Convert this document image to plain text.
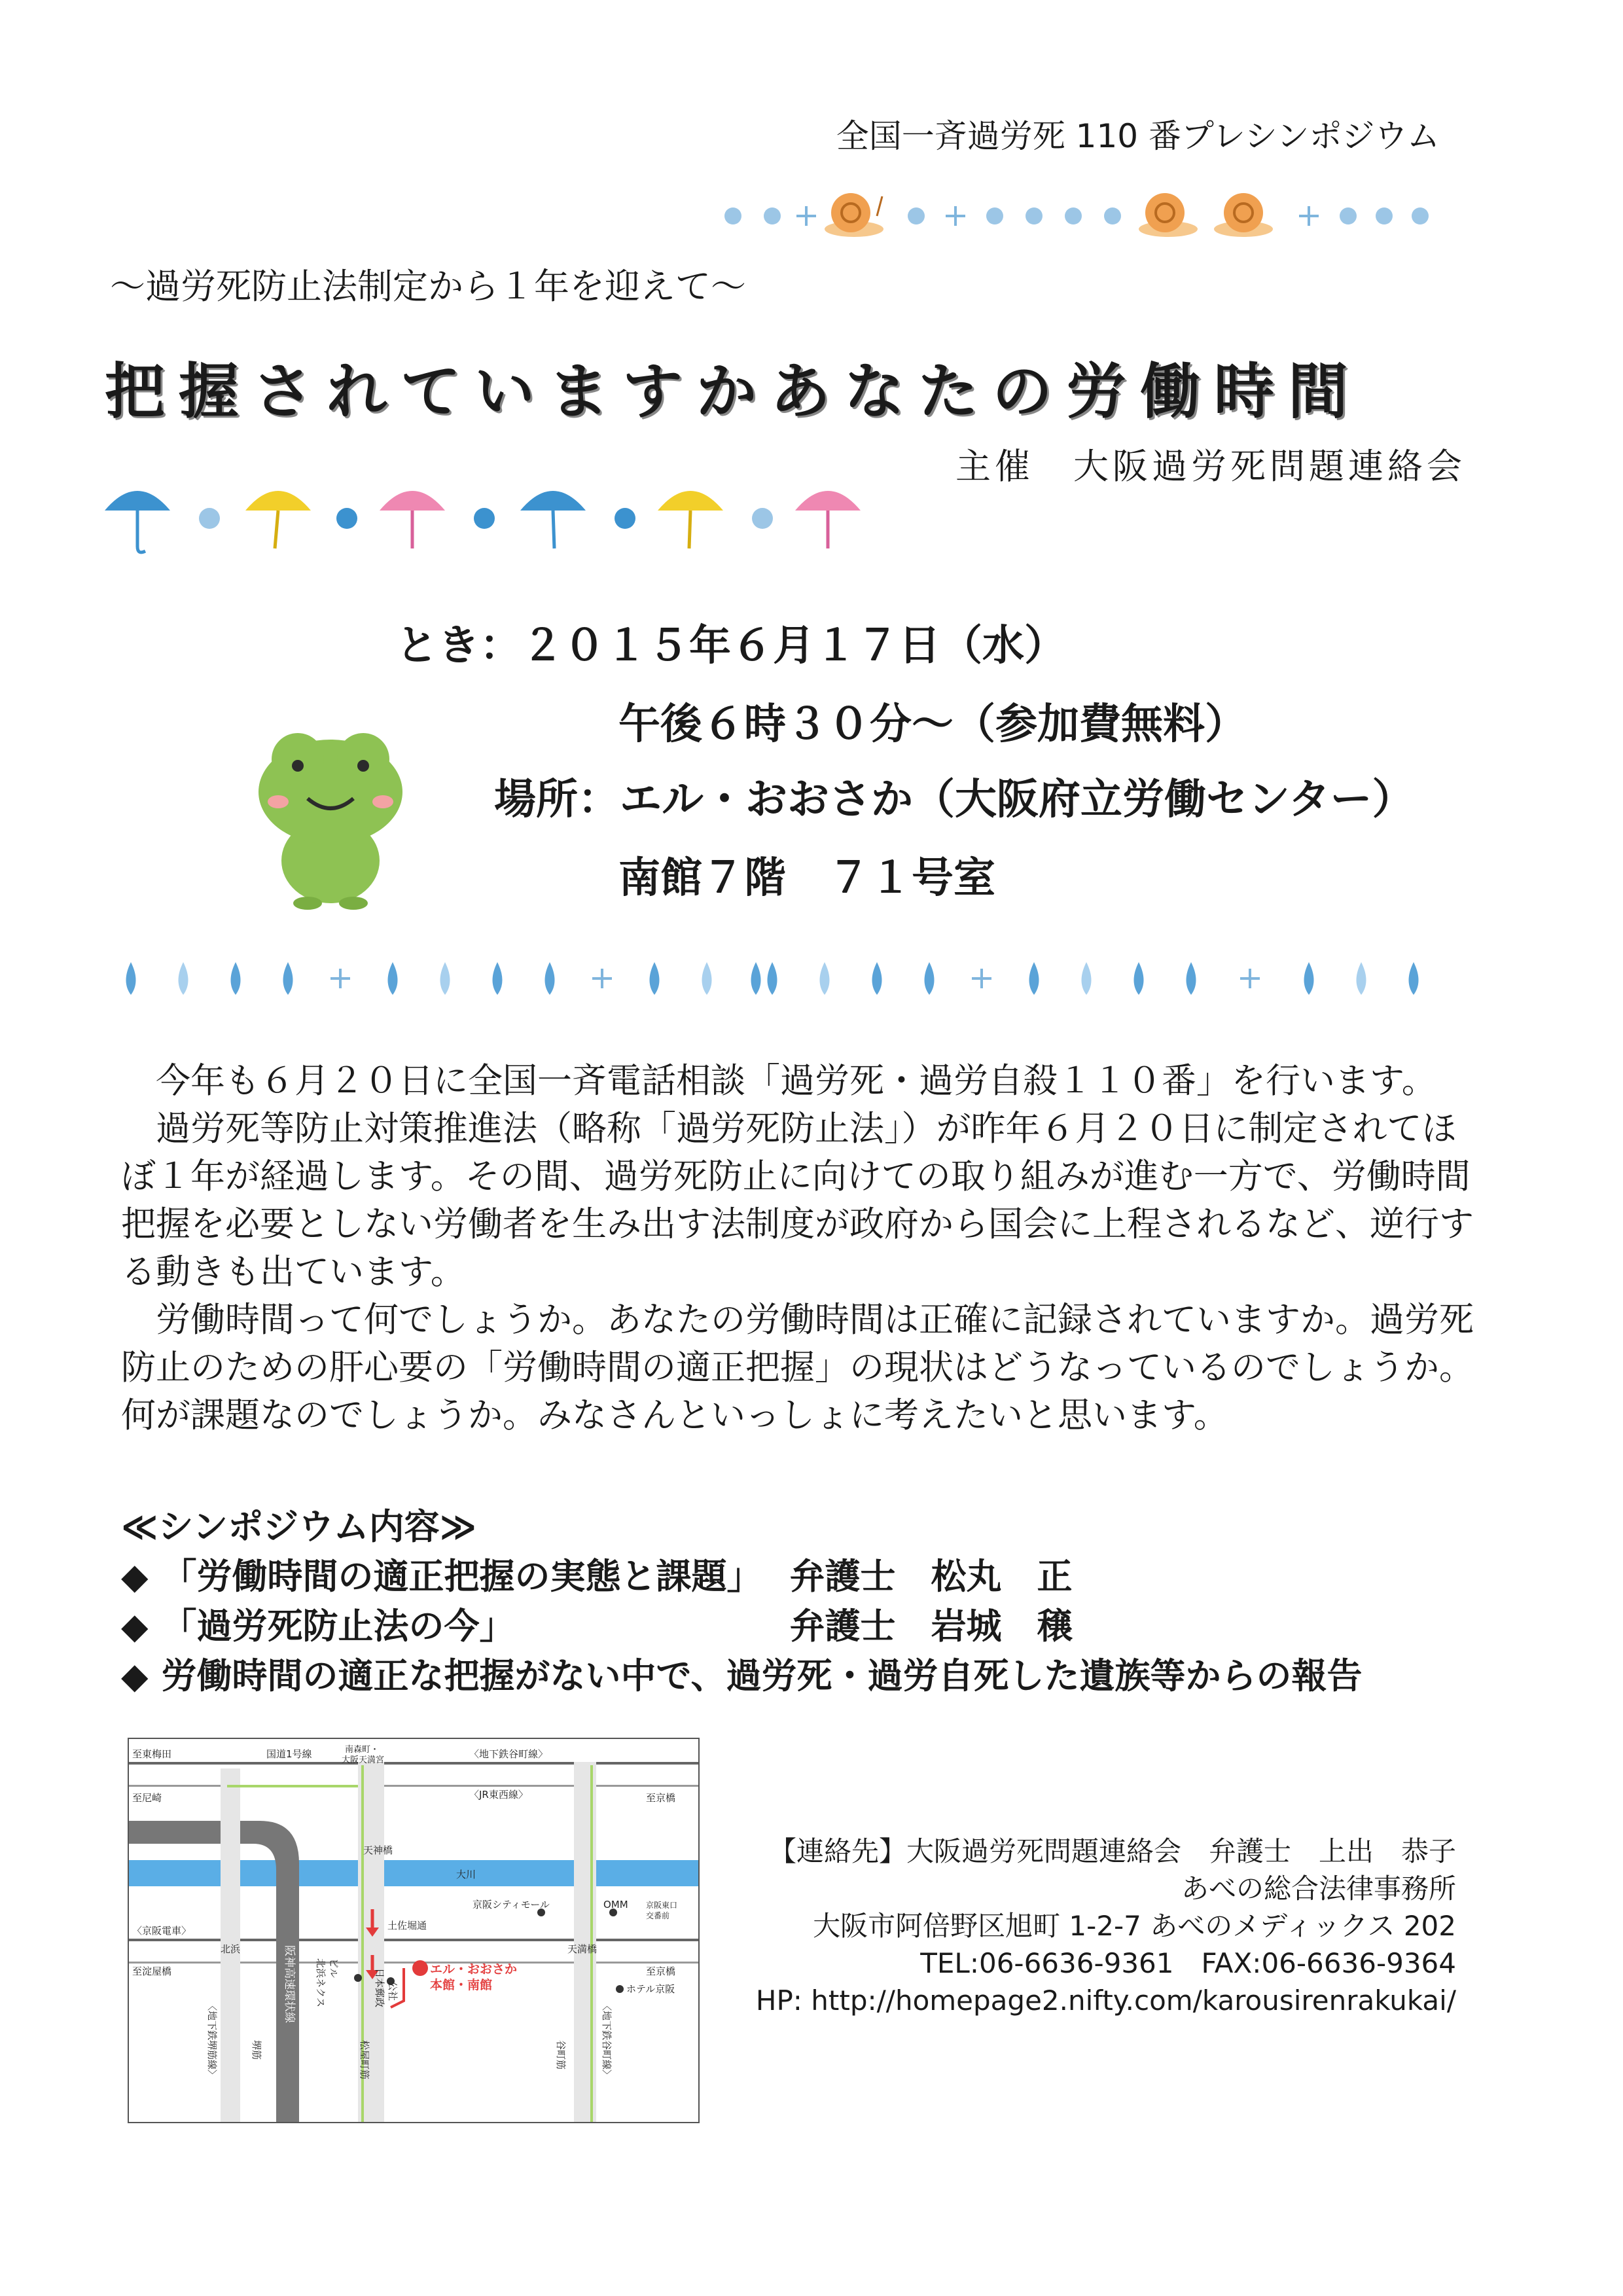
全国一斉過労死 110 番プレシンポジウム
～過労死防止法制定から１年を迎えて～
把握されていますかあなたの労働時間
主催　大阪過労死問題連絡会
とき：２０１５年６月１７日（水）
午後６時３０分～（参加費無料）
場所：エル・おおさか（大阪府立労働センター）
南館７階　７１号室

今年も６月２０日に全国一斉電話相談「過労死・過労自殺１１０番」を行います。

過労死等防止対策推進法（略称「過労死防止法」）が昨年６月２０日に制定されてほぼ１年が経過します。その間、過労死防止に向けての取り組みが進む一方で、労働時間把握を必要としない労働者を生み出す法制度が政府から国会に上程されるなど、逆行する動きも出ています。

労働時間って何でしょうか。あなたの労働時間は正確に記録されていますか。過労死防止のための肝心要の「労働時間の適正把握」の現状はどうなっているのでしょうか。何が課題なのでしょうか。みなさんといっしょに考えたいと思います。

≪シンポジウム内容≫
◆ 「労働時間の適正把握の実態と課題」 弁護士　松丸　正
◆ 「過労死防止法の今」	弁護士　岩城　穣
◆ 労働時間の適正な把握がない中で、過労死・過労自死した遺族等からの報告
至東梅田	国道1号線	南森町・
大阪天満宮
〈地下鉄谷町線〉
至尼崎	〈JR東西線〉	至京橋
天神橋
大川
京阪シティモール	OMM 京阪東口
交番前
〈京阪電車〉
北浜
土佐堀通
天満橋
至淀屋橋	至京橋
阪神高速環状線 北浜ネクス ビル	日本郵政 公社
エル・おおさか
本館・南館	ホテル京阪
〈地下鉄堺筋線〉	堺筋	松屋町筋	谷町筋	〈地下鉄谷町線〉
【連絡先】大阪過労死問題連絡会　弁護士　上出　恭子
あべの総合法律事務所
大阪市阿倍野区旭町 1-2-7 あべのメディックス 202
TEL:06-6636-9361　FAX:06-6636-9364
HP: http://homepage2.nifty.com/karousirenrakukai/
